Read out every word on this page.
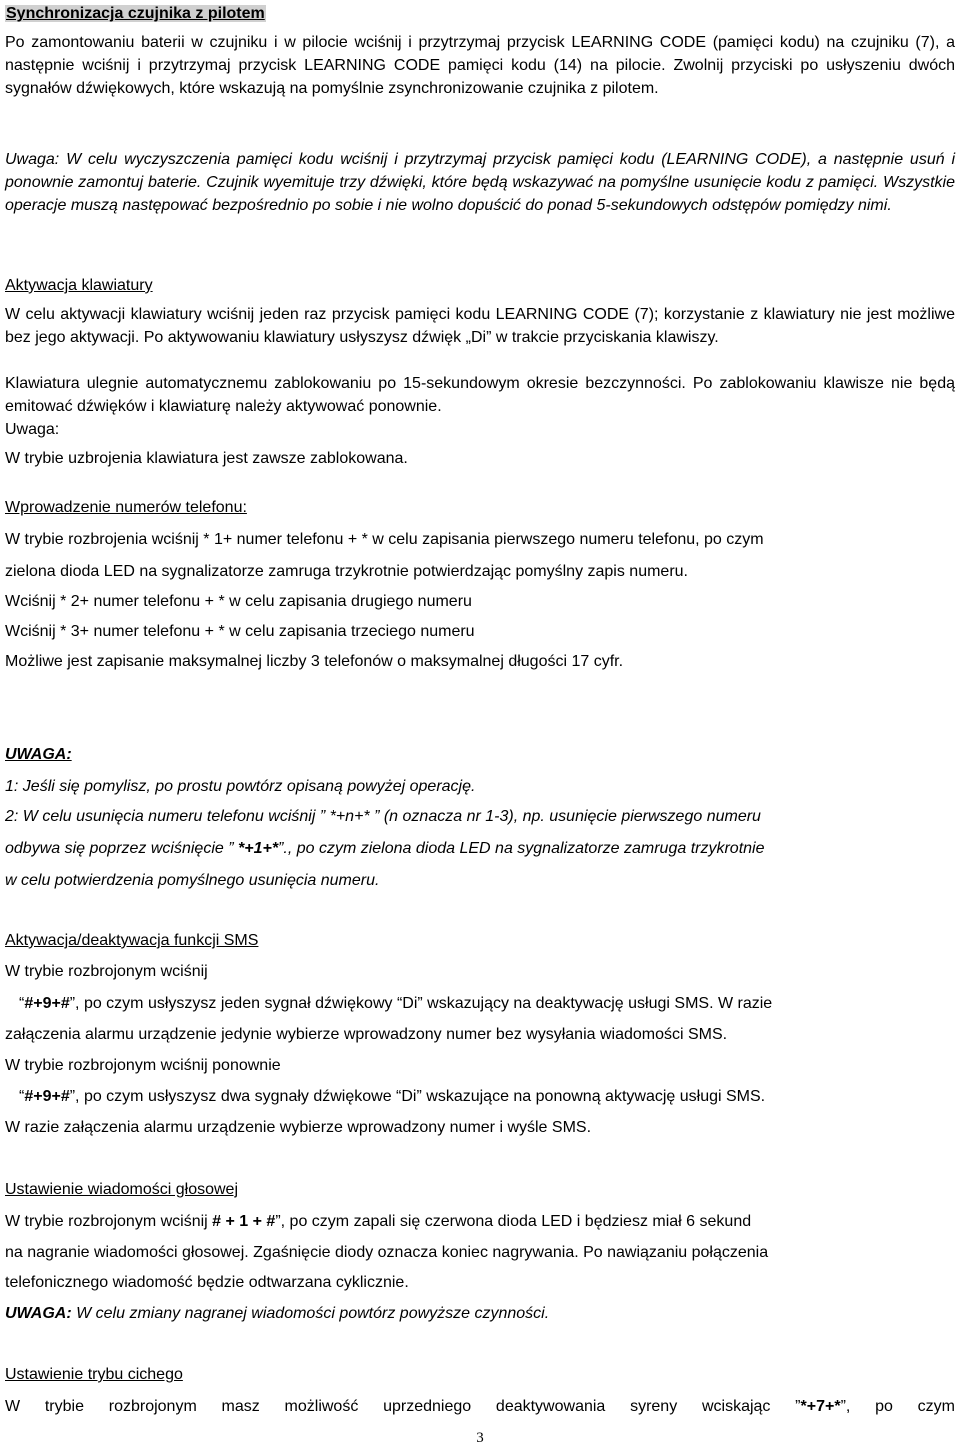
Synchronizacja czujnika z pilotem
Po zamontowaniu baterii w czujniku i w pilocie wciśnij i przytrzymaj przycisk LEARNING CODE (pamięci kodu) na czujniku (7), a następnie wciśnij i przytrzymaj przycisk LEARNING CODE pamięci kodu (14) na pilocie. Zwolnij przyciski po usłyszeniu dwóch sygnałów dźwiękowych, które wskazują na pomyślnie zsynchronizowanie czujnika z pilotem.
Uwaga: W celu wyczyszczenia pamięci kodu wciśnij i przytrzymaj przycisk pamięci kodu (LEARNING CODE), a następnie usuń i ponownie zamontuj baterie. Czujnik wyemituje trzy dźwięki, które będą wskazywać na pomyślne usunięcie kodu z pamięci. Wszystkie operacje muszą następować bezpośrednio po sobie i nie wolno dopuścić do ponad 5-sekundowych odstępów pomiędzy nimi.
Aktywacja klawiatury
W celu aktywacji klawiatury wciśnij jeden raz przycisk pamięci kodu LEARNING CODE (7); korzystanie z klawiatury nie jest możliwe bez jego aktywacji. Po aktywowaniu klawiatury usłyszysz dźwięk „Di” w trakcie przyciskania klawiszy.
Klawiatura ulegnie automatycznemu zablokowaniu po 15-sekundowym okresie bezczynności. Po zablokowaniu klawisze nie będą emitować dźwięków i klawiaturę należy aktywować ponownie.
Uwaga:
W trybie uzbrojenia klawiatura jest zawsze zablokowana.
Wprowadzenie numerów telefonu:
W trybie rozbrojenia wciśnij * 1+ numer telefonu + * w celu zapisania pierwszego numeru telefonu, po czym
zielona dioda LED na sygnalizatorze zamruga trzykrotnie potwierdzając pomyślny zapis numeru.
Wciśnij * 2+ numer telefonu + * w celu zapisania drugiego numeru
Wciśnij * 3+ numer telefonu + * w celu zapisania trzeciego numeru
Możliwe jest zapisanie maksymalnej liczby 3 telefonów o maksymalnej długości 17 cyfr.
UWAGA:
1: Jeśli się pomylisz, po prostu powtórz opisaną powyżej operację.
2: W celu usunięcia numeru telefonu wciśnij ” *+n+* ” (n oznacza nr 1-3), np. usunięcie pierwszego numeru
odbywa się poprzez wciśnięcie ” *+1+*”., po czym zielona dioda LED na sygnalizatorze zamruga trzykrotnie
w celu potwierdzenia pomyślnego usunięcia numeru.
Aktywacja/deaktywacja funkcji SMS
W trybie rozbrojonym wciśnij
“#+9+#”, po czym usłyszysz jeden sygnał dźwiękowy “Di” wskazujący na deaktywację usługi SMS. W razie
załączenia alarmu urządzenie jedynie wybierze wprowadzony numer bez wysyłania wiadomości SMS.
W trybie rozbrojonym wciśnij ponownie
“#+9+#”, po czym usłyszysz dwa sygnały dźwiękowe “Di” wskazujące na ponowną aktywację usługi SMS.
W razie załączenia alarmu urządzenie wybierze wprowadzony numer i wyśle SMS.
Ustawienie wiadomości głosowej
W trybie rozbrojonym wciśnij # + 1 + #”, po czym zapali się czerwona dioda LED i będziesz miał 6 sekund
na nagranie wiadomości głosowej. Zgaśnięcie diody oznacza koniec nagrywania. Po nawiązaniu połączenia
telefonicznego wiadomość będzie odtwarzana cyklicznie.
UWAGA: W celu zmiany nagranej wiadomości powtórz powyższe czynności.
Ustawienie trybu cichego
W trybie rozbrojonym masz możliwość uprzedniego deaktywowania syreny wciskając ”*+7+*”, po czym
3
